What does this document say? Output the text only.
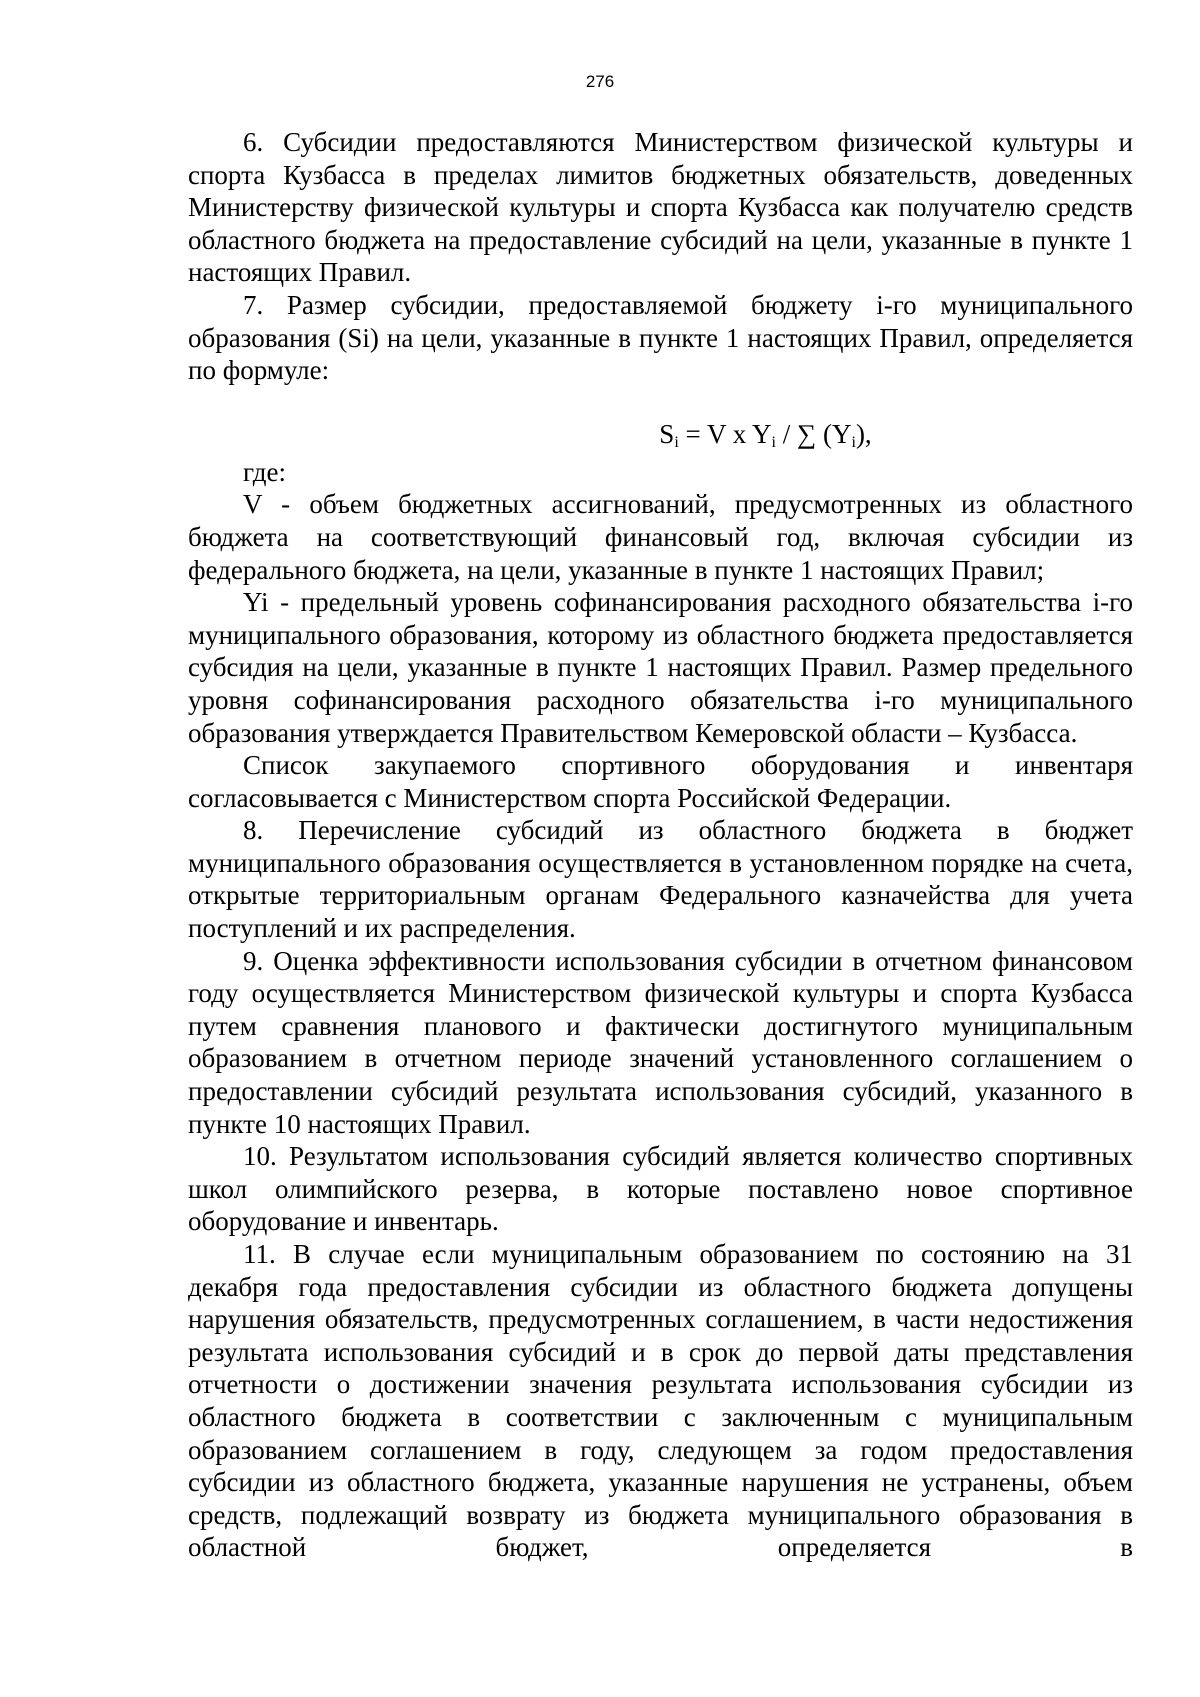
276

6. Субсидии предоставляются Министерством физической культуры и спорта Кузбасса в пределах лимитов бюджетных обязательств, доведенных Министерству физической культуры и спорта Кузбасса как получателю средств областного бюджета на предоставление субсидий на цели, указанные в пункте 1 настоящих Правил.

7. Размер субсидии, предоставляемой бюджету i-го муниципального образования (Si) на цели, указанные в пункте 1 настоящих Правил, определяется по формуле:

$S_i = V$ x $Y_i$ / ∑ $(Y_i)$,

где:

V - объем бюджетных ассигнований, предусмотренных из областного бюджета на соответствующий финансовый год, включая субсидии из федерального бюджета, на цели, указанные в пункте 1 настоящих Правил;

Yi - предельный уровень софинансирования расходного обязательства i-го муниципального образования, которому из областного бюджета предоставляется субсидия на цели, указанные в пункте 1 настоящих Правил. Размер предельного уровня софинансирования расходного обязательства i-го муниципального образования утверждается Правительством Кемеровской области – Кузбасса.

Список закупаемого спортивного оборудования и инвентаря согласовывается с Министерством спорта Российской Федерации.

8. Перечисление субсидий из областного бюджета в бюджет муниципального образования осуществляется в установленном порядке на счета, открытые территориальным органам Федерального казначейства для учета поступлений и их распределения.

9. Оценка эффективности использования субсидии в отчетном финансовом году осуществляется Министерством физической культуры и спорта Кузбасса путем сравнения планового и фактически достигнутого муниципальным образованием в отчетном периоде значений установленного соглашением о предоставлении субсидий результата использования субсидий, указанного в пункте 10 настоящих Правил.

10. Результатом использования субсидий является количество спортивных школ олимпийского резерва, в которые поставлено новое спортивное оборудование и инвентарь.

11. В случае если муниципальным образованием по состоянию на 31 декабря года предоставления субсидии из областного бюджета допущены нарушения обязательств, предусмотренных соглашением, в части недостижения результата использования субсидий и в срок до первой даты представления отчетности о достижении значения результата использования субсидии из областного бюджета в соответствии с заключенным с муниципальным образованием соглашением в году, следующем за годом предоставления субсидии из областного бюджета, указанные нарушения не устранены, объем средств, подлежащий возврату из бюджета муниципального образования в областной бюджет, определяется в
